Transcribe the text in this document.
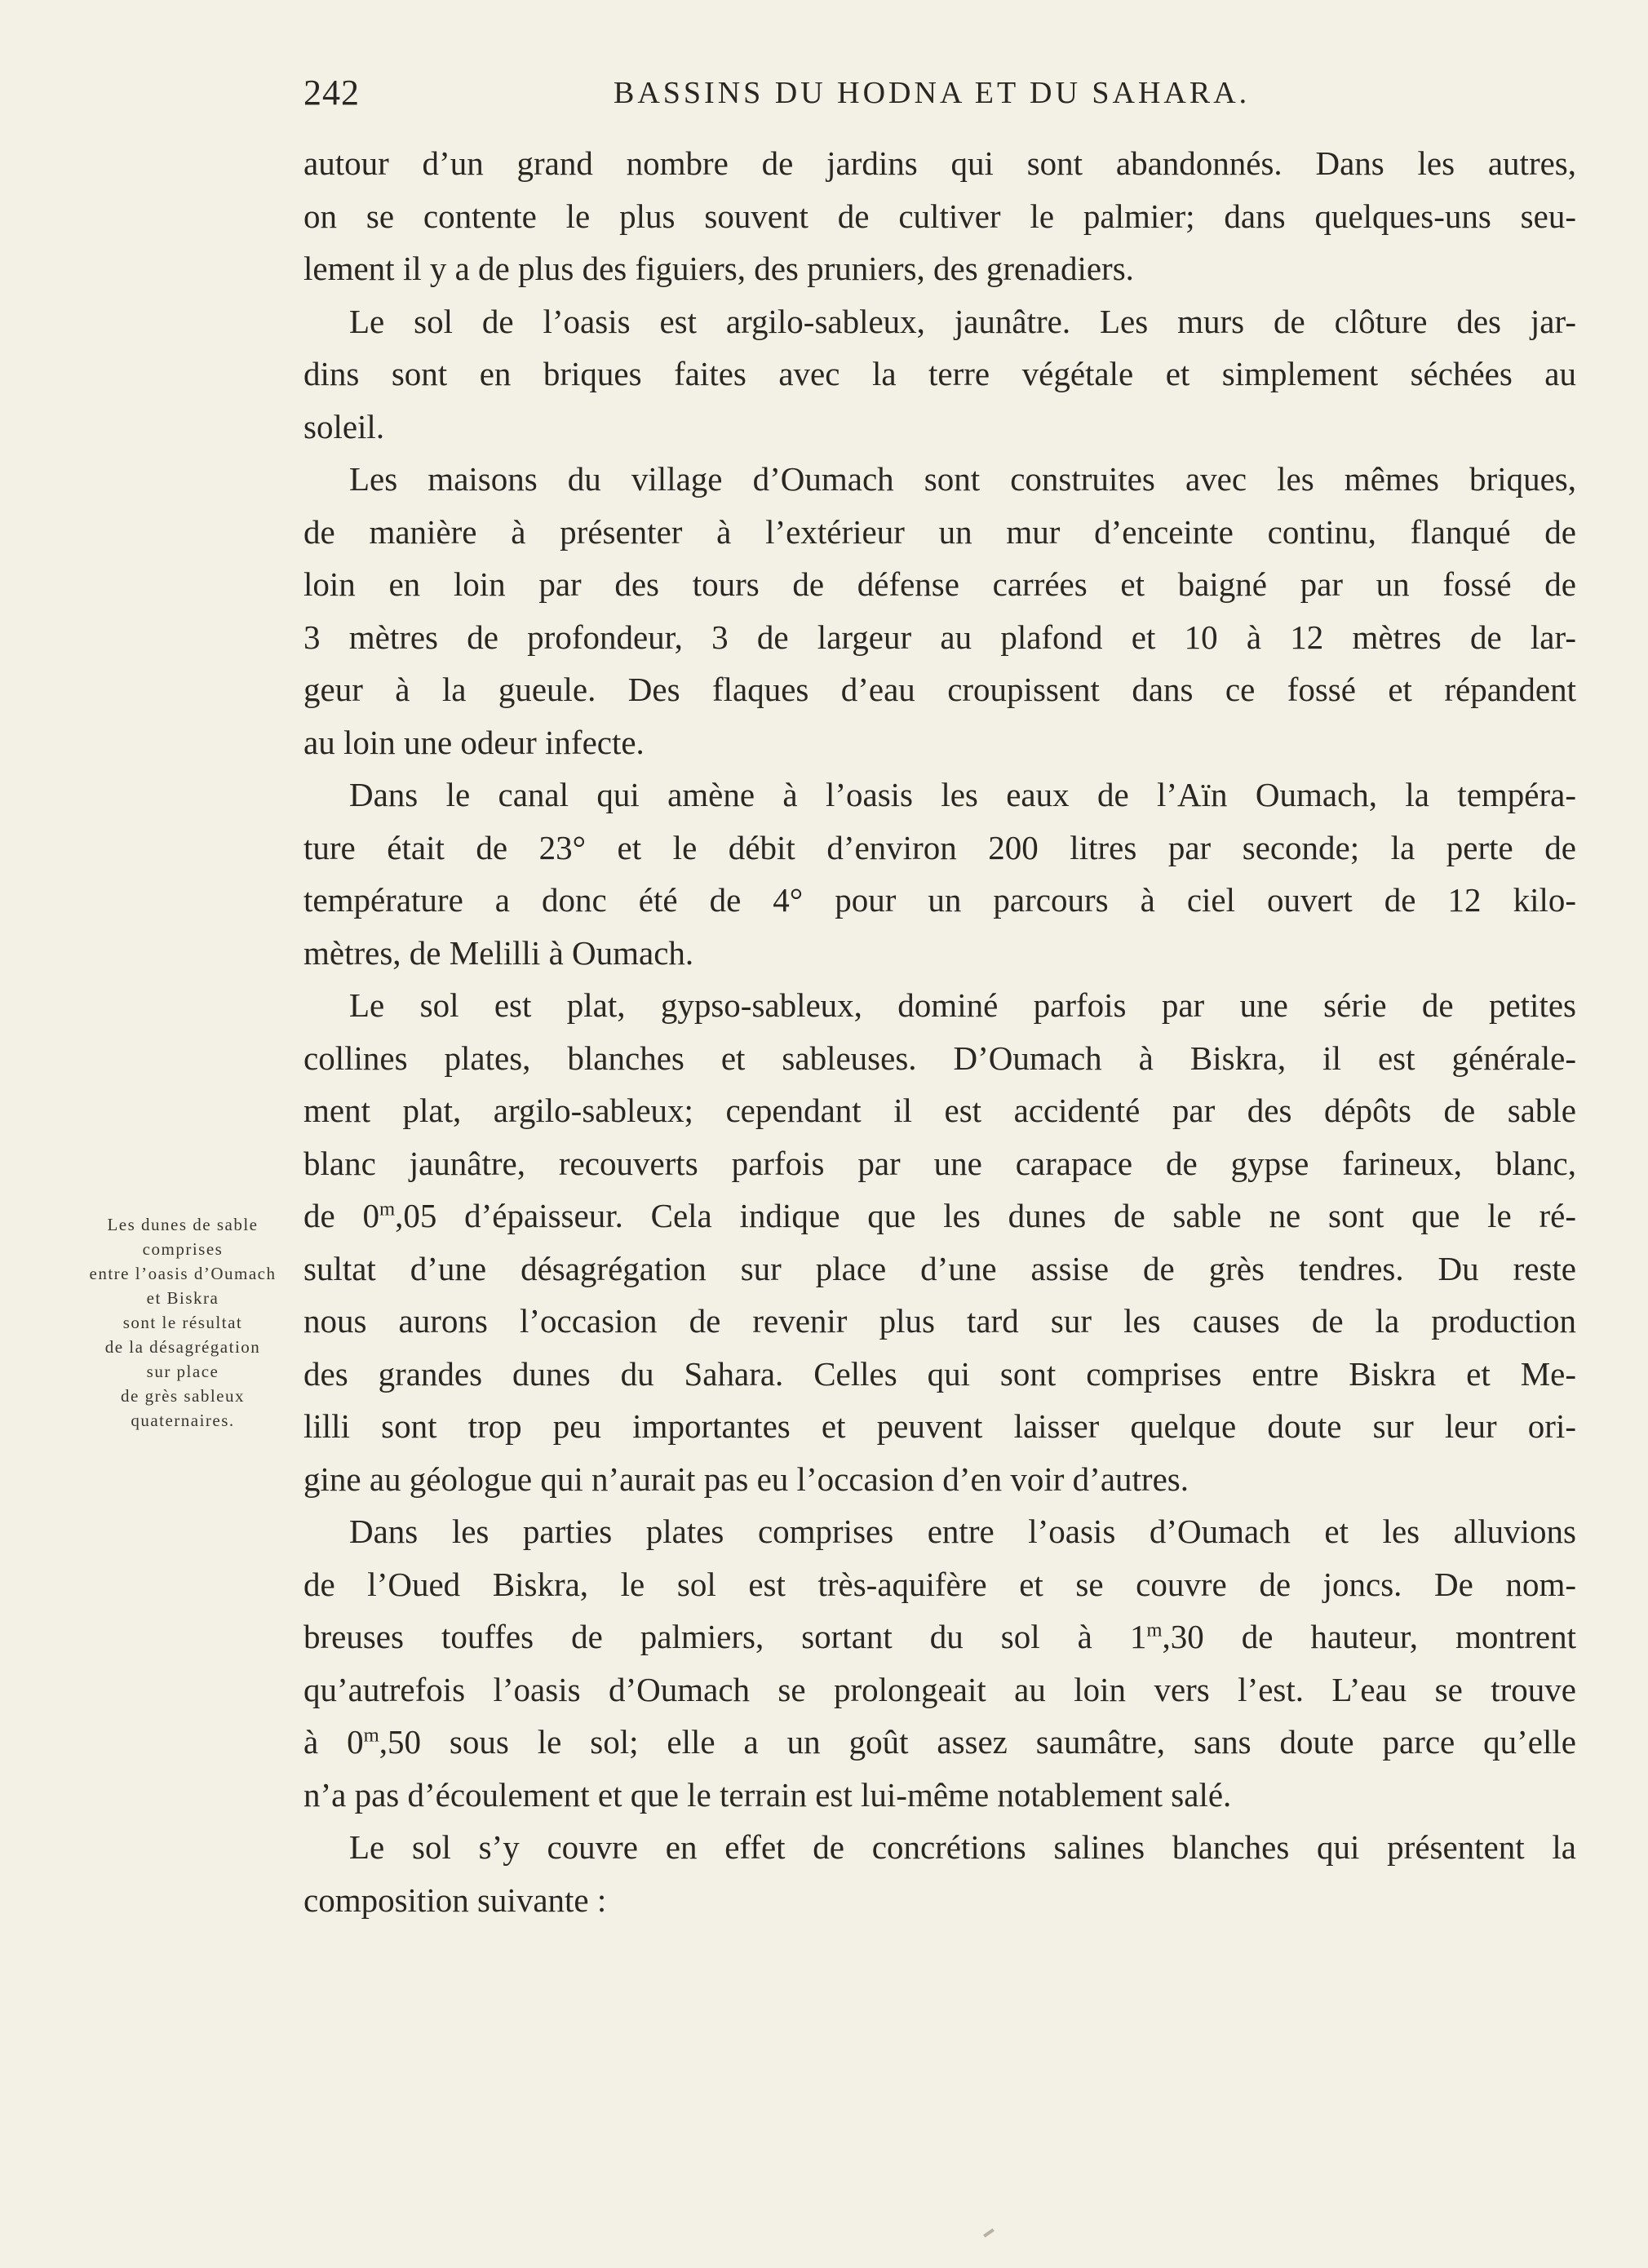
242	BASSINS DU HODNA ET DU SAHARA.
Les dunes de sable
comprises
entre l’oasis d’Oumach
et Biskra
sont le résultat
de la désagrégation
sur place
de grès sableux
quaternaires.
autour d’un grand nombre de jardins qui sont abandonnés. Dans les autres,
on se contente le plus souvent de cultiver le palmier; dans quelques-uns seu-
lement il y a de plus des figuiers, des pruniers, des grenadiers.
Le sol de l’oasis est argilo-sableux, jaunâtre. Les murs de clôture des jar-
dins sont en briques faites avec la terre végétale et simplement séchées au
soleil.
Les maisons du village d’Oumach sont construites avec les mêmes briques,
de manière à présenter à l’extérieur un mur d’enceinte continu, flanqué de
loin en loin par des tours de défense carrées et baigné par un fossé de
3 mètres de profondeur, 3 de largeur au plafond et 10 à 12 mètres de lar-
geur à la gueule. Des flaques d’eau croupissent dans ce fossé et répandent
au loin une odeur infecte.
Dans le canal qui amène à l’oasis les eaux de l’Aïn Oumach, la tempéra-
ture était de 23° et le débit d’environ 200 litres par seconde; la perte de
température a donc été de 4° pour un parcours à ciel ouvert de 12 kilo-
mètres, de Melilli à Oumach.
Le sol est plat, gypso-sableux, dominé parfois par une série de petites
collines plates, blanches et sableuses. D’Oumach à Biskra, il est générale-
ment plat, argilo-sableux; cependant il est accidenté par des dépôts de sable
blanc jaunâtre, recouverts parfois par une carapace de gypse farineux, blanc,
de 0$^m$,05 d’épaisseur. Cela indique que les dunes de sable ne sont que le ré-
sultat d’une désagrégation sur place d’une assise de grès tendres. Du reste
nous aurons l’occasion de revenir plus tard sur les causes de la production
des grandes dunes du Sahara. Celles qui sont comprises entre Biskra et Me-
lilli sont trop peu importantes et peuvent laisser quelque doute sur leur ori-
gine au géologue qui n’aurait pas eu l’occasion d’en voir d’autres.
Dans les parties plates comprises entre l’oasis d’Oumach et les alluvions
de l’Oued Biskra, le sol est très-aquifère et se couvre de joncs. De nom-
breuses touffes de palmiers, sortant du sol à 1$^m$,30 de hauteur, montrent
qu’autrefois l’oasis d’Oumach se prolongeait au loin vers l’est. L’eau se trouve
à 0$^m$,50 sous le sol; elle a un goût assez saumâtre, sans doute parce qu’elle
n’a pas d’écoulement et que le terrain est lui-même notablement salé.
Le sol s’y couvre en effet de concrétions salines blanches qui présentent la
composition suivante :
